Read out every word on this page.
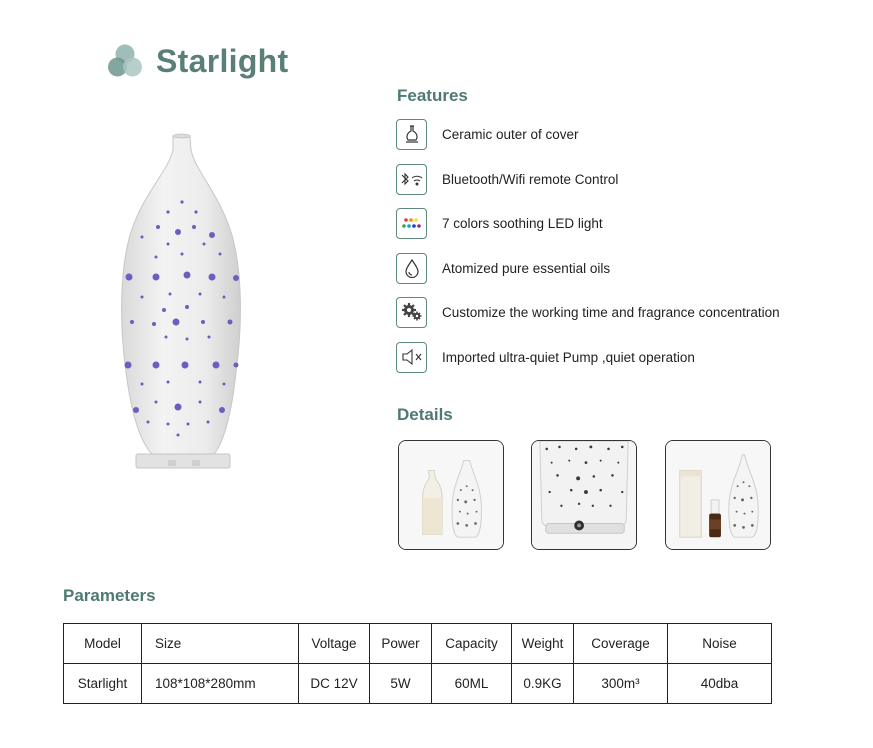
Starlight
Features
Ceramic outer of cover
Bluetooth/Wifi remote Control
7 colors soothing LED light
Atomized pure essential oils
Customize the working time and fragrance concentration
Imported ultra-quiet Pump ,quiet operation
Details
Parameters
Model	Size	Voltage	Power	Capacity	Weight	Coverage	Noise
Starlight	108*108*280mm	DC 12V	5W	60ML	0.9KG	300m³	40dba
